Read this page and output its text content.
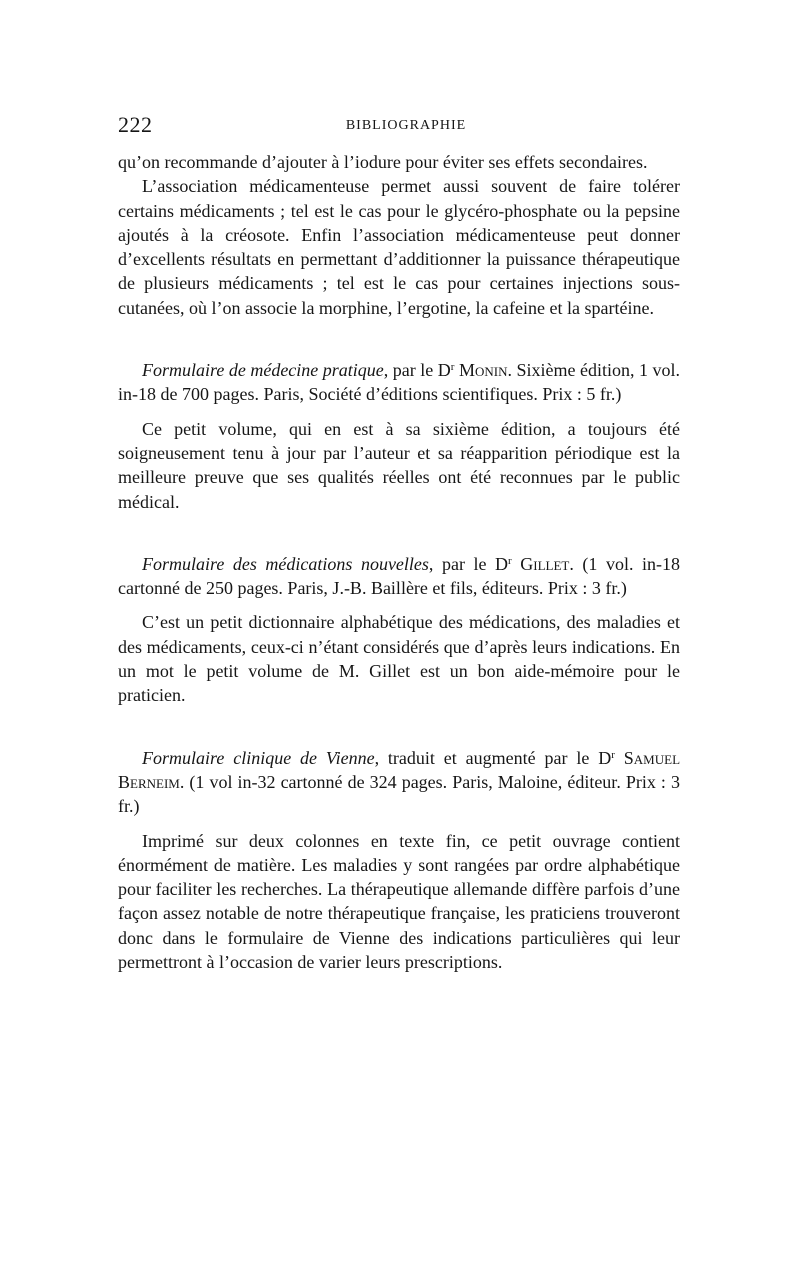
222	BIBLIOGRAPHIE

qu’on recommande d’ajouter à l’iodure pour éviter ses effets secondaires.

L’association médicamenteuse permet aussi souvent de faire tolérer certains médicaments ; tel est le cas pour le glycéro-phosphate ou la pepsine ajoutés à la créosote. Enfin l’association médicamenteuse peut donner d’excellents résultats en permettant d’additionner la puissance thérapeutique de plusieurs médicaments ; tel est le cas pour certaines injections sous-cutanées, où l’on associe la morphine, l’ergotine, la cafeine et la spartéine.

Formulaire de médecine pratique, par le $D^r$ Monin. Sixième édition, 1 vol. in-18 de 700 pages. Paris, Société d’éditions scientifiques. Prix : 5 fr.)

Ce petit volume, qui en est à sa sixième édition, a toujours été soigneusement tenu à jour par l’auteur et sa réapparition périodique est la meilleure preuve que ses qualités réelles ont été reconnues par le public médical.

Formulaire des médications nouvelles, par le $D^r$ Gillet. (1 vol. in-18 cartonné de 250 pages. Paris, J.-B. Baillère et fils, éditeurs. Prix : 3 fr.)

C’est un petit dictionnaire alphabétique des médications, des maladies et des médicaments, ceux-ci n’étant considérés que d’après leurs indications. En un mot le petit volume de M. Gillet est un bon aide-mémoire pour le praticien.

Formulaire clinique de Vienne, traduit et augmenté par le $D^r$ Samuel Berneim. (1 vol in-32 cartonné de 324 pages. Paris, Maloine, éditeur. Prix : 3 fr.)

Imprimé sur deux colonnes en texte fin, ce petit ouvrage contient énormément de matière. Les maladies y sont rangées par ordre alphabétique pour faciliter les recherches. La thérapeutique allemande diffère parfois d’une façon assez notable de notre thérapeutique française, les praticiens trouveront donc dans le formulaire de Vienne des indications particulières qui leur permettront à l’occasion de varier leurs prescriptions.
